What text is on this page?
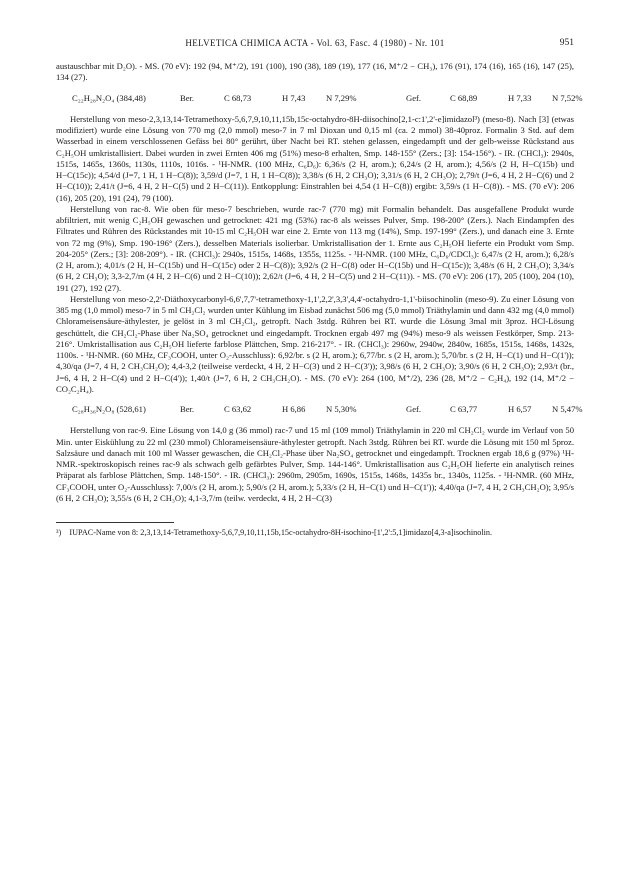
HELVETICA CHIMICA ACTA - Vol. 63, Fasc. 4 (1980) - Nr. 101	951

austauschbar mit D₂O). - MS. (70 eV): 192 (94, M⁺/2), 191 (100), 190 (38), 189 (19), 177 (16, M⁺/2 − CH₃), 176 (91), 174 (16), 165 (16), 147 (25), 134 (27).

C₂₂H₂₈N₂O₄ (384,48)	Ber.	C 68,73	H 7,43 N 7,29%	Gef.	C 68,89	H 7,33 N 7,52%

Herstellung von meso-2,3,13,14-Tetramethoxy-5,6,7,9,10,11,15b,15c-octahydro-8H-diisochino[2,1-c:1',2'-e]imidazol³) (meso-8). Nach [3] (etwas modifiziert) wurde eine Lösung von 770 mg (2,0 mmol) meso-7 in 7 ml Dioxan und 0,15 ml (ca. 2 mmol) 38-40proz. Formalin 3 Std. auf dem Wasserbad in einem verschlossenen Gefäss bei 80° gerührt, über Nacht bei RT. stehen gelassen, eingedampft und der gelb-weisse Rückstand aus C₂H₅OH umkristallisiert. Dabei wurden in zwei Ernten 406 mg (51%) meso-8 erhalten, Smp. 148-155° (Zers.; [3]: 154-156°). - IR. (CHCl₃): 2940s, 1515s, 1465s, 1360s, 1130s, 1110s, 1016s. - ¹H-NMR. (100 MHz, C₆D₆): 6,36/s (2 H, arom.); 6,24/s (2 H, arom.); 4,56/s (2 H, H−C(15b) und H−C(15c)); 4,54/d (J=7, 1 H, 1 H−C(8)); 3,59/d (J=7, 1 H, 1 H−C(8)); 3,38/s (6 H, 2 CH₃O); 3,31/s (6 H, 2 CH₃O); 2,79/t (J=6, 4 H, 2 H−C(6) und 2 H−C(10)); 2,41/t (J=6, 4 H, 2 H−C(5) und 2 H−C(11)). Entkopplung: Einstrahlen bei 4,54 (1 H−C(8)) ergibt: 3,59/s (1 H−C(8)). - MS. (70 eV): 206 (16), 205 (20), 191 (24), 79 (100).

Herstellung von rac-8. Wie oben für meso-7 beschrieben, wurde rac-7 (770 mg) mit Formalin behandelt. Das ausgefallene Produkt wurde abfiltriert, mit wenig C₂H₅OH gewaschen und getrocknet: 421 mg (53%) rac-8 als weisses Pulver, Smp. 198-200° (Zers.). Nach Eindampfen des Filtrates und Rühren des Rückstandes mit 10-15 ml C₂H₅OH war eine 2. Ernte von 113 mg (14%), Smp. 197-199° (Zers.), und danach eine 3. Ernte von 72 mg (9%), Smp. 190-196° (Zers.), desselben Materials isolierbar. Umkristallisation der 1. Ernte aus C₂H₅OH lieferte ein Produkt vom Smp. 204-205° (Zers.; [3]: 208-209°). - IR. (CHCl₃): 2940s, 1515s, 1468s, 1355s, 1125s. - ¹H-NMR. (100 MHz, C₆D₆/CDCl₃): 6,47/s (2 H, arom.); 6,28/s (2 H, arom.); 4,01/s (2 H, H−C(15b) und H−C(15c) oder 2 H−C(8)); 3,92/s (2 H−C(8) oder H−C(15b) und H−C(15c)); 3,48/s (6 H, 2 CH₃O); 3,34/s (6 H, 2 CH₃O); 3,3-2,7/m (4 H, 2 H−C(6) und 2 H−C(10)); 2,62/t (J=6, 4 H, 2 H−C(5) und 2 H−C(11)). - MS. (70 eV): 206 (17), 205 (100), 204 (10), 191 (27), 192 (27).

Herstellung von meso-2,2'-Diäthoxycarbonyl-6,6',7,7'-tetramethoxy-1,1',2,2',3,3',4,4'-octahydro-1,1'-biisochinolin (meso-9). Zu einer Lösung von 385 mg (1,0 mmol) meso-7 in 5 ml CH₂Cl₂ wurden unter Kühlung im Eisbad zunächst 506 mg (5,0 mmol) Triäthylamin und dann 432 mg (4,0 mmol) Chlorameisensäure-äthylester, je gelöst in 3 ml CH₂Cl₂, getropft. Nach 3stdg. Rühren bei RT. wurde die Lösung 3mal mit 3proz. HCl-Lösung geschüttelt, die CH₂Cl₂-Phase über Na₂SO₄ getrocknet und eingedampft. Trocknen ergab 497 mg (94%) meso-9 als weissen Festkörper, Smp. 213-216°. Umkristallisation aus C₂H₅OH lieferte farblose Plättchen, Smp. 216-217°. - IR. (CHCl₃): 2960w, 2940w, 2840w, 1685s, 1515s, 1468s, 1432s, 1100s. - ¹H-NMR. (60 MHz, CF₃COOH, unter O₂-Ausschluss): 6,92/br. s (2 H, arom.); 6,77/br. s (2 H, arom.); 5,70/br. s (2 H, H−C(1) und H−C(1')); 4,30/qa (J=7, 4 H, 2 CH₃CH₂O); 4,4-3,2 (teilweise verdeckt, 4 H, 2 H−C(3) und 2 H−C(3')); 3,98/s (6 H, 2 CH₃O); 3,90/s (6 H, 2 CH₃O); 2,93/t (br., J=6, 4 H, 2 H−C(4) und 2 H−C(4')); 1,40/t (J=7, 6 H, 2 CH₃CH₂O). - MS. (70 eV): 264 (100, M⁺/2), 236 (28, M⁺/2 − C₂H₄), 192 (14, M⁺/2 − CO₂C₂H₄).

C₂₈H₃₆N₂O₈ (528,61)	Ber.	C 63,62	H 6,86 N 5,30%	Gef.	C 63,77	H 6,57 N 5,47%

Herstellung von rac-9. Eine Lösung von 14,0 g (36 mmol) rac-7 und 15 ml (109 mmol) Triäthylamin in 220 ml CH₂Cl₂ wurde im Verlauf von 50 Min. unter Eiskühlung zu 22 ml (230 mmol) Chlorameisensäure-äthylester getropft. Nach 3stdg. Rühren bei RT. wurde die Lösung mit 150 ml 5proz. Salzsäure und danach mit 100 ml Wasser gewaschen, die CH₂Cl₂-Phase über Na₂SO₄ getrocknet und eingedampft. Trocknen ergab 18,6 g (97%) ¹H-NMR.-spektroskopisch reines rac-9 als schwach gelb gefärbtes Pulver, Smp. 144-146°. Umkristallisation aus C₂H₅OH lieferte ein analytisch reines Präparat als farblose Plättchen, Smp. 148-150°. - IR. (CHCl₃): 2960m, 2905m, 1690s, 1515s, 1468s, 1435s br., 1340s, 1125s. - ¹H-NMR. (60 MHz, CF₃COOH, unter O₂-Ausschluss): 7,00/s (2 H, arom.); 5,90/s (2 H, arom.); 5,33/s (2 H, H−C(1) und H−C(1')); 4,40/qa (J=7, 4 H, 2 CH₃CH₂O); 3,95/s (6 H, 2 CH₃O); 3,55/s (6 H, 2 CH₃O); 4,1-3,7/m (teilw. verdeckt, 4 H, 2 H−C(3)

³) IUPAC-Name von 8: 2,3,13,14-Tetramethoxy-5,6,7,9,10,11,15b,15c-octahydro-8H-isochino-[1',2':5,1]imidazo[4,3-a]isochinolin.
